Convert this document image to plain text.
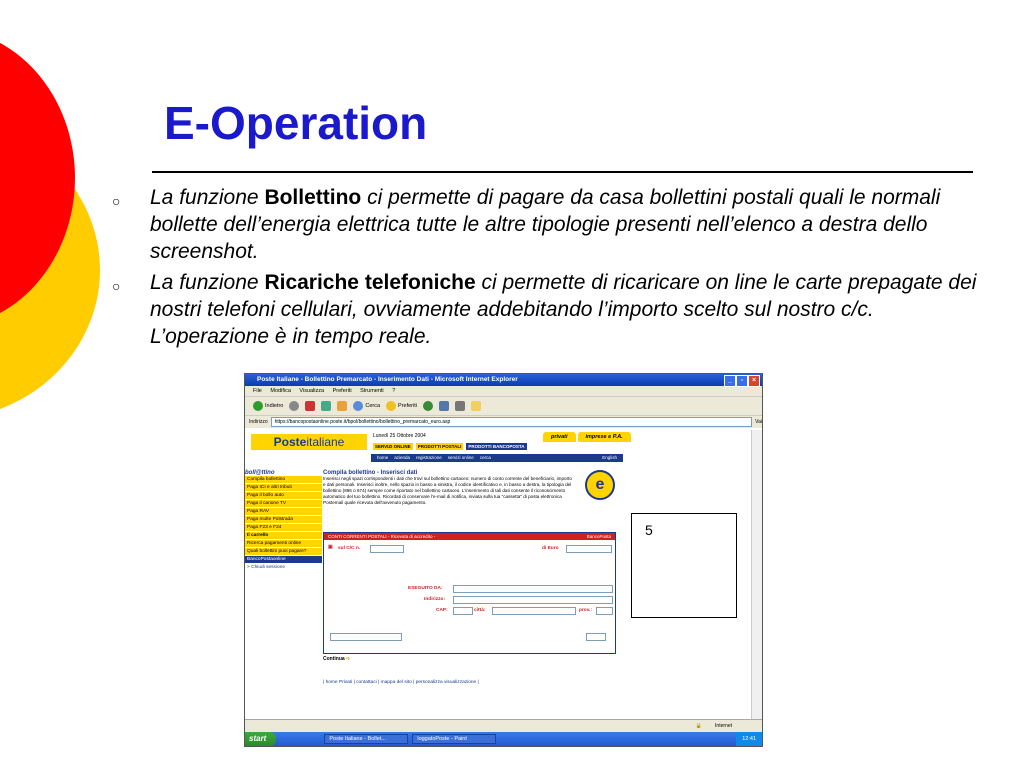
E-Operation
○	La funzione Bollettino ci permette di pagare da casa bollettini postali quali le normali bollette dell’energia elettrica tutte le altre tipologie presenti nell’elenco a destra dello screenshot.
○	La funzione Ricariche telefoniche ci permette di ricaricare on line le carte prepagate dei nostri telefoni cellulari, ovviamente addebitando l’importo scelto sul nostro c/c. L’operazione è in tempo reale.
Poste Italiane - Bollettino Premarcato - Inserimento Dati - Microsoft Internet Explorer	_	▫	×
File Modifica Visualizza Preferiti Strumenti ?
Indietro	Cerca	Preferiti
Indirizzo	https://bancopostaonline.poste.it/bpol/bollettino/bollettino_premarcato_euro.asp	Vai
Posteitaliane	Lunedì 25 Ottobre 2004
SERVIZI ONLINE	PRODOTTI POSTALI	PRODOTTI BANCOPOSTA
privati	imprese e P.A.
home azienda registrazione servizi online cerca	English
boll@ttino
Compila bollettino
Paga ICI e altri tributi
Paga il bollo auto
Paga il canone TV
Paga RAV
Paga multe Polstrada
Paga F23 e F24
Il carrello
Ricerca pagamenti online
Quali bollettini puoi pagare?
BancoPostaonline
> Chiudi sessione
Compila bollettino - Inserisci dati
Inserisci negli spazi corrispondenti i dati che trovi sul bollettino cartaceo: numero di conto corrente del beneficiario, importo e dati personali. Inserisci inoltre, nello spazio in basso a sinistra, il codice identificativo e, in basso a destra, la tipologia del bollettino (896 o 674) sempre come riportato nel bollettino cartaceo. L'inserimento di tali dati consente il riconoscimento automatico del tuo bollettino. Ricordati di conservare l'e-mail di notifica, inviata sulla tua "cassetta" di posta elettronica Postemail quale ricevuta dell'avvenuto pagamento.
e
CONTI CORRENTI POSTALI - Ricevuta di accredito -	BancoPosta
▣ sul C/C n.	di Euro
ESEGUITO DA:
Indirizzo:
CAP:	città:	prov.:
Continua ➪
| home Privati | contattaci | mappa del sito | personalizza visualizzazione |
🔒	Internet
start	Poste Italiane - Bollet...	loggatoPoste - Paint	12:41
5
